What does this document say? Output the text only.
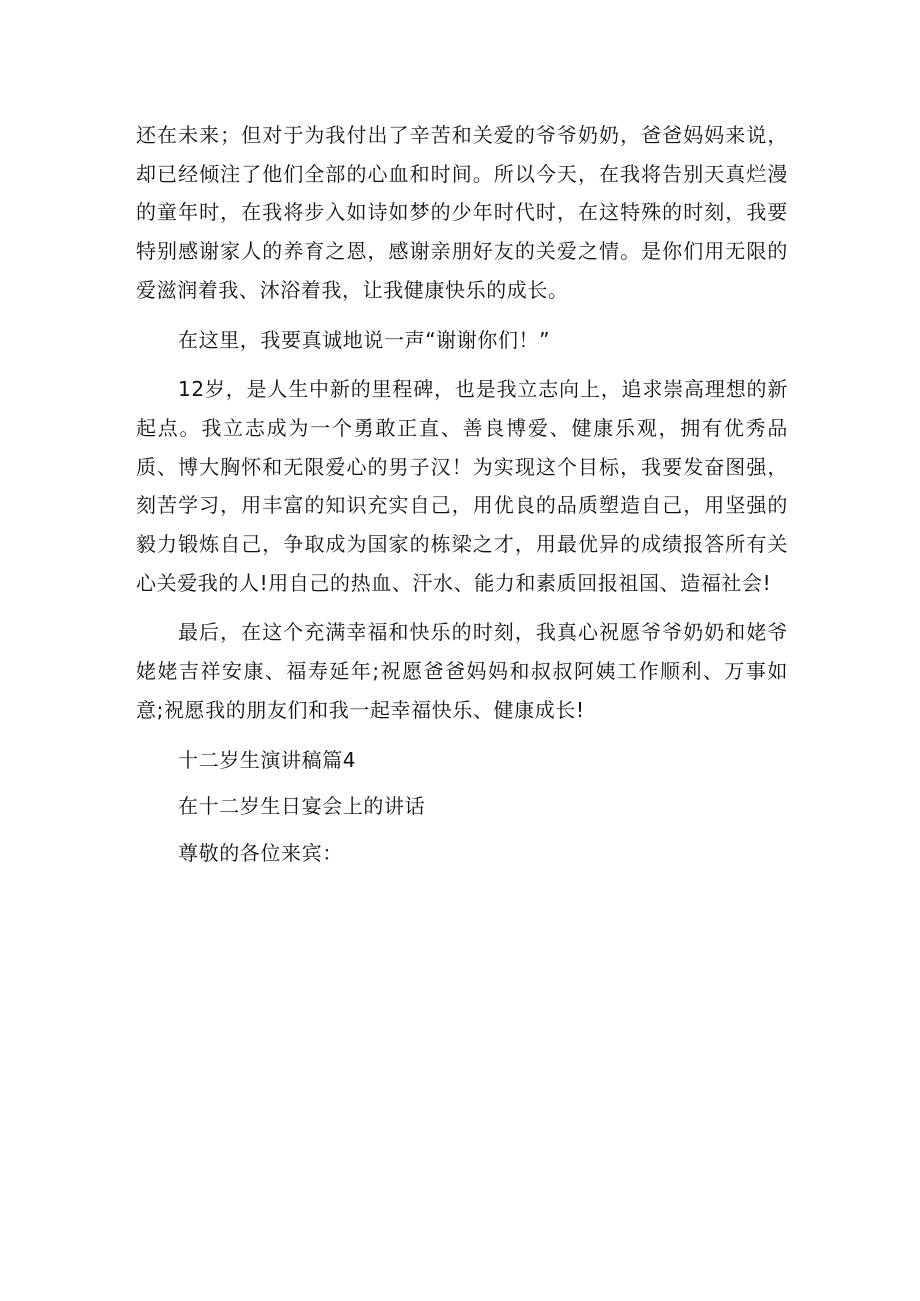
还在未来；但对于为我付出了辛苦和关爱的爷爷奶奶，爸爸妈妈来说，却已经倾注了他们全部的心血和时间。所以今天，在我将告别天真烂漫的童年时，在我将步入如诗如梦的少年时代时，在这特殊的时刻，我要特别感谢家人的养育之恩，感谢亲朋好友的关爱之情。是你们用无限的爱滋润着我、沐浴着我，让我健康快乐的成长。

在这里，我要真诚地说一声“谢谢你们！”

12岁，是人生中新的里程碑，也是我立志向上，追求崇高理想的新起点。我立志成为一个勇敢正直、善良博爱、健康乐观，拥有优秀品质、博大胸怀和无限爱心的男子汉！为实现这个目标，我要发奋图强，刻苦学习，用丰富的知识充实自己，用优良的品质塑造自己，用坚强的毅力锻炼自己，争取成为国家的栋梁之才，用最优异的成绩报答所有关心关爱我的人!用自己的热血、汗水、能力和素质回报祖国、造福社会!

最后，在这个充满幸福和快乐的时刻，我真心祝愿爷爷奶奶和姥爷姥姥吉祥安康、福寿延年;祝愿爸爸妈妈和叔叔阿姨工作顺利、万事如意;祝愿我的朋友们和我一起幸福快乐、健康成长!

十二岁生演讲稿篇4

在十二岁生日宴会上的讲话

尊敬的各位来宾：
